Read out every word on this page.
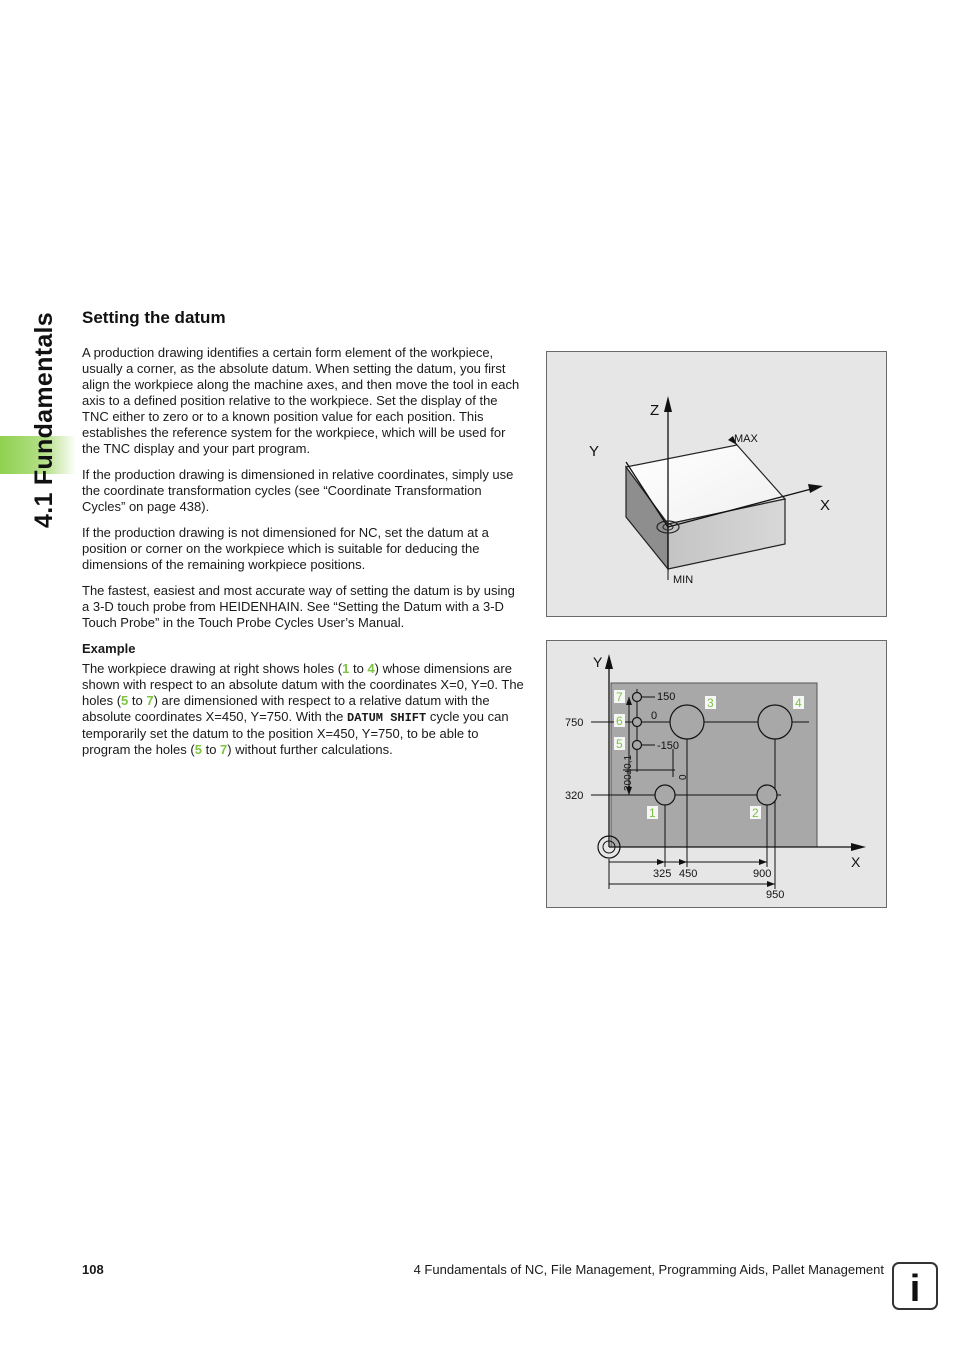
4.1 Fundamentals Setting the datum

A production drawing identifies a certain form element of the workpiece, usually a corner, as the absolute datum. When setting the datum, you first align the workpiece along the machine axes, and then move the tool in each axis to a defined position relative to the workpiece. Set the display of the TNC either to zero or to a known position value for each position. This establishes the reference system for the workpiece, which will be used for the TNC display and your part program.

If the production drawing is dimensioned in relative coordinates, simply use the coordinate transformation cycles (see “Coordinate Transformation Cycles” on page 438).

If the production drawing is not dimensioned for NC, set the datum at a position or corner on the workpiece which is suitable for deducing the dimensions of the remaining workpiece positions.

The fastest, easiest and most accurate way of setting the datum is by using a 3-D touch probe from HEIDENHAIN. See “Setting the Datum with a 3-D Touch Probe” in the Touch Probe Cycles User’s Manual.

Example

The workpiece drawing at right shows holes (1 to 4) whose dimensions are shown with respect to an absolute datum with the coordinates X=0, Y=0. The holes (5 to 7) are dimensioned with respect to a relative datum with the absolute coordinates X=450, Y=750. With the DATUM SHIFT cycle you can temporarily set the datum to the position X=450, Y=750, to be able to program the holes (5 to 7) without further calculations.

Z
Y
X
MAX
MIN
7
6
5
3	4
1	2
Y
X
750
320
150
0
-150
300±0,1	0
325 450	900
950
108	4 Fundamentals of NC, File Management, Programming Aids, Pallet Management i
